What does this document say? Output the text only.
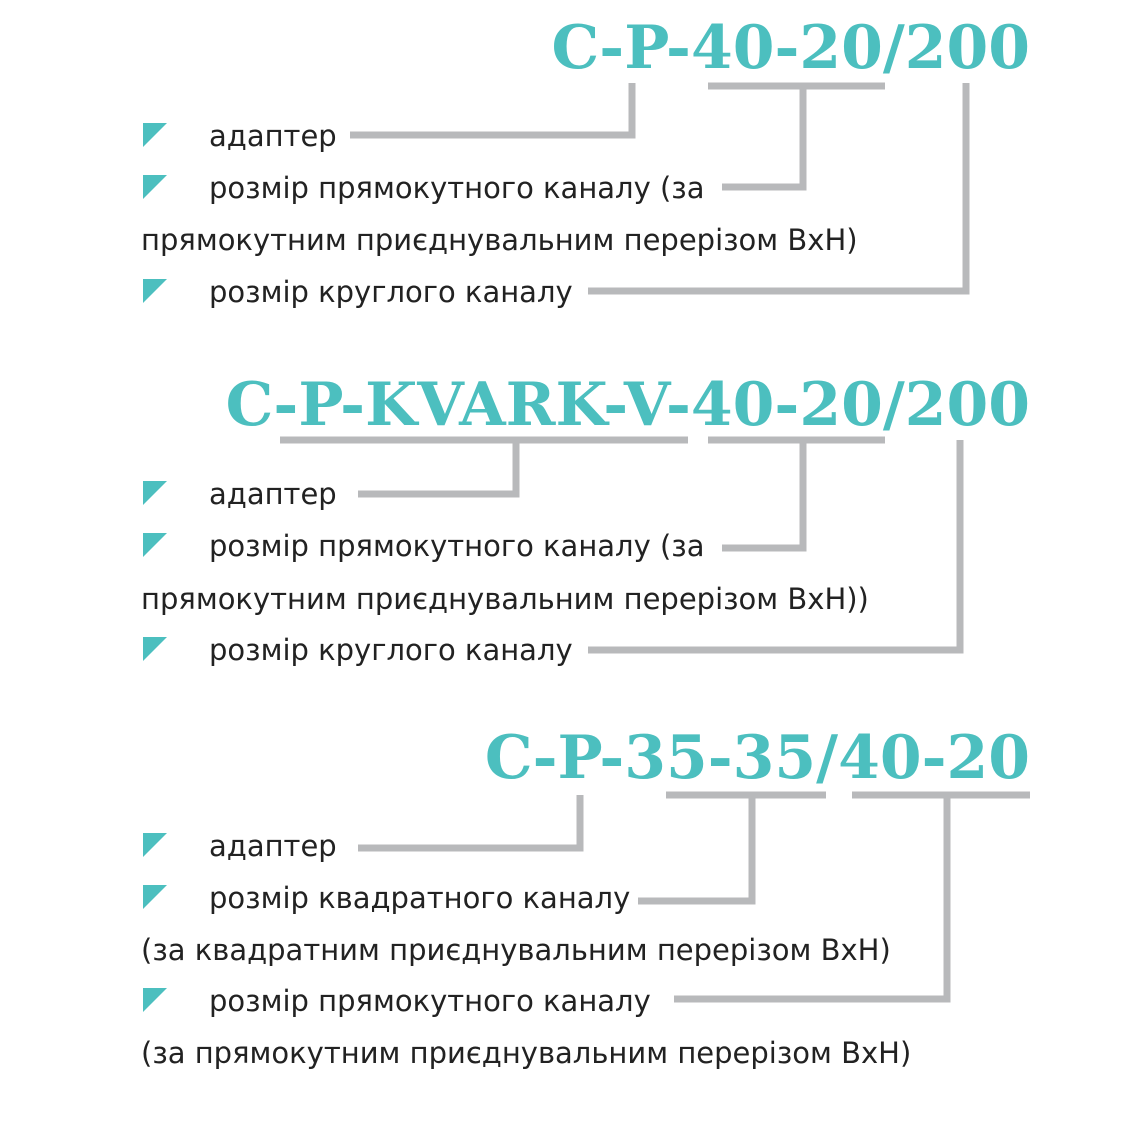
C-P-40-20/200
адаптер
розмір прямокутного каналу (за
прямокутним приєднувальним перерізом ВхН)
розмір круглого каналу
C-P-KVARK-V-40-20/200
адаптер
розмір прямокутного каналу (за
прямокутним приєднувальним перерізом ВхН))
розмір круглого каналу
C-P-35-35/40-20
адаптер
розмір квадратного каналу
(за квадратним приєднувальним перерізом ВхН)
розмір прямокутного каналу
(за прямокутним приєднувальним перерізом ВхН)
